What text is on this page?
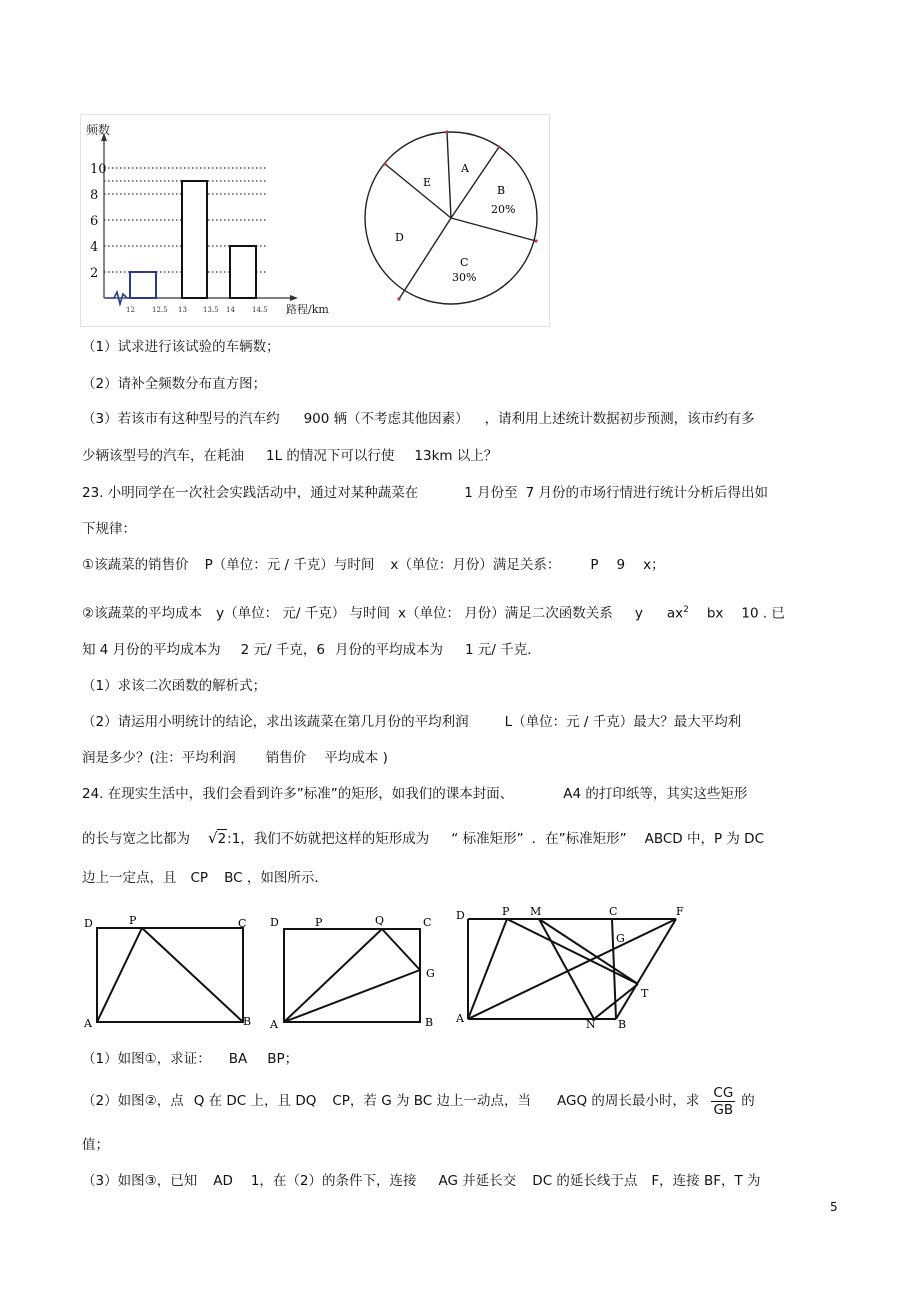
频数
路程/km
10
8
6
4
2
12 12.5 13 13.5 14 14.5
A
B
20%
C
30%
D
E
（1）试求进行该试验的车辆数；
（2）请补全频数分布直方图；
（3）若该市有这种型号的汽车约 900 辆（不考虑其他因素） ，请利用上述统计数据初步预测，该市约有多
少辆该型号的汽车，在耗油 1L 的情况下可以行使 13km 以上？
23. 小明同学在一次社会实践活动中，通过对某种蔬菜在	1 月份至 7 月份的市场行情进行统计分析后得出如
下规律：
①该蔬菜的销售价 P（单位：元 / 千克）与时间 x（单位：月份）满足关系： P 9 x；
②该蔬菜的平均成本 y（单位： 元/ 千克） 与时间 x（单位： 月份）满足二次函数关系 y $ax^2$ bx 10 . 已
知 4 月份的平均成本为 2 元/ 千克，6 月份的平均成本为 1 元/ 千克．
（1）求该二次函数的解析式；
（2）请运用小明统计的结论，求出该蔬菜在第几月份的平均利润	L（单位：元 / 千克）最大？最大平均利
润是多少？(注：平均利润 销售价 平均成本 )
24. 在现实生活中，我们会看到许多”标准”的矩形，如我们的课本封面、	A4 的打印纸等，其实这些矩形
的长与宽之比都为 √2:1，我们不妨就把这样的矩形成为 “ 标准矩形” ．在”标准矩形” ABCD 中，P 为 DC
边上一定点，且 CP BC ，如图所示．
D	P	C
A	B
D	P	Q	C
G
A	B
D	P M	C	F
G
T
A	N B
（1）如图①，求证： BA BP；
（2）如图②，点 Q 在 DC 上，且 DQ CP，若 G 为 BC 边上一动点，当 AGQ 的周长最小时，求 $\frac{CG}{GB}$ 的
值；
（3）如图③，已知 AD 1，在（2）的条件下，连接 AG 并延长交 DC 的延长线于点 F，连接 BF，T 为
5
